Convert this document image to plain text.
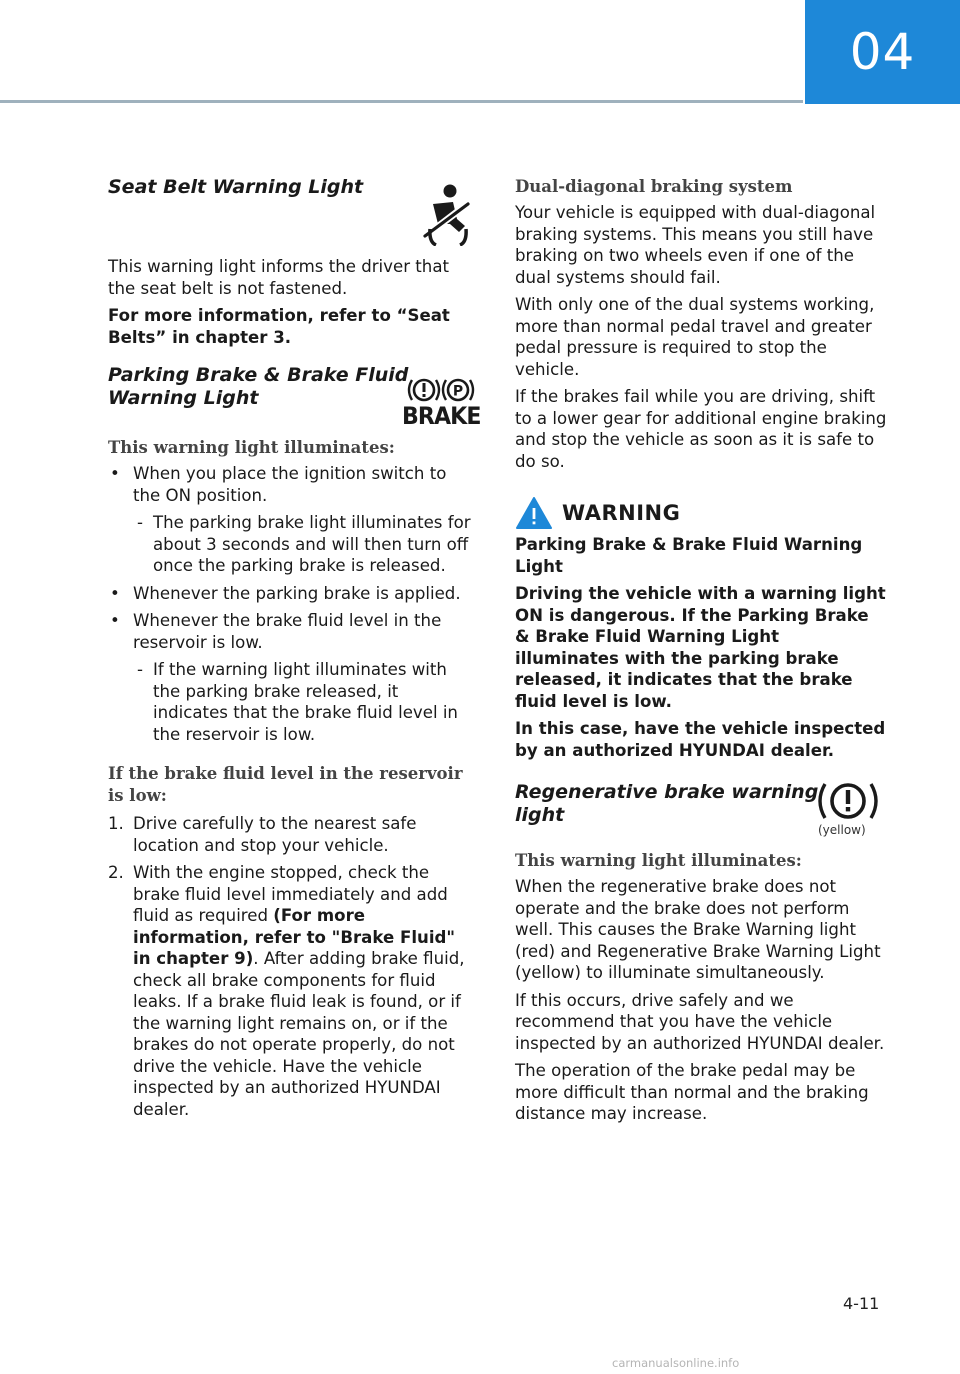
04
Seat Belt Warning Light

This warning light informs the driver that the seat belt is not fastened.

For more information, refer to “Seat Belts” in chapter 3.

Parking Brake & Brake Fluid
Warning Light	P
BRAKE
This warning light illuminates:
• When you place the ignition switch to the ON position.
- The parking brake light illuminates for about 3 seconds and will then turn off once the parking brake is released.
• Whenever the parking brake is applied.
• Whenever the brake fluid level in the reservoir is low.
- If the warning light illuminates with the parking brake released, it indicates that the brake fluid level in the reservoir is low.
If the brake fluid level in the reservoir is low:
1. Drive carefully to the nearest safe location and stop your vehicle.
2. With the engine stopped, check the brake fluid level immediately and add fluid as required (For more information, refer to "Brake Fluid" in chapter 9). After adding brake fluid, check all brake components for fluid leaks. If a brake fluid leak is found, or if the warning light remains on, or if the brakes do not operate properly, do not drive the vehicle. Have the vehicle inspected by an authorized HYUNDAI dealer.
Dual-diagonal braking system

Your vehicle is equipped with dual-diagonal braking systems. This means you still have braking on two wheels even if one of the dual systems should fail.

With only one of the dual systems working, more than normal pedal travel and greater pedal pressure is required to stop the vehicle.

If the brakes fail while you are driving, shift to a lower gear for additional engine braking and stop the vehicle as soon as it is safe to do so.

WARNING

Parking Brake & Brake Fluid Warning Light

Driving the vehicle with a warning light ON is dangerous. If the Parking Brake & Brake Fluid Warning Light illuminates with the parking brake released, it indicates that the brake fluid level is low.

In this case, have the vehicle inspected by an authorized HYUNDAI dealer.

Regenerative brake warning
light
(yellow)
This warning light illuminates:

When the regenerative brake does not operate and the brake does not perform well. This causes the Brake Warning light (red) and Regenerative Brake Warning Light (yellow) to illuminate simultaneously.

If this occurs, drive safely and we recommend that you have the vehicle inspected by an authorized HYUNDAI dealer.

The operation of the brake pedal may be more difficult than normal and the braking distance may increase.

4-11
carmanualsonline.info
